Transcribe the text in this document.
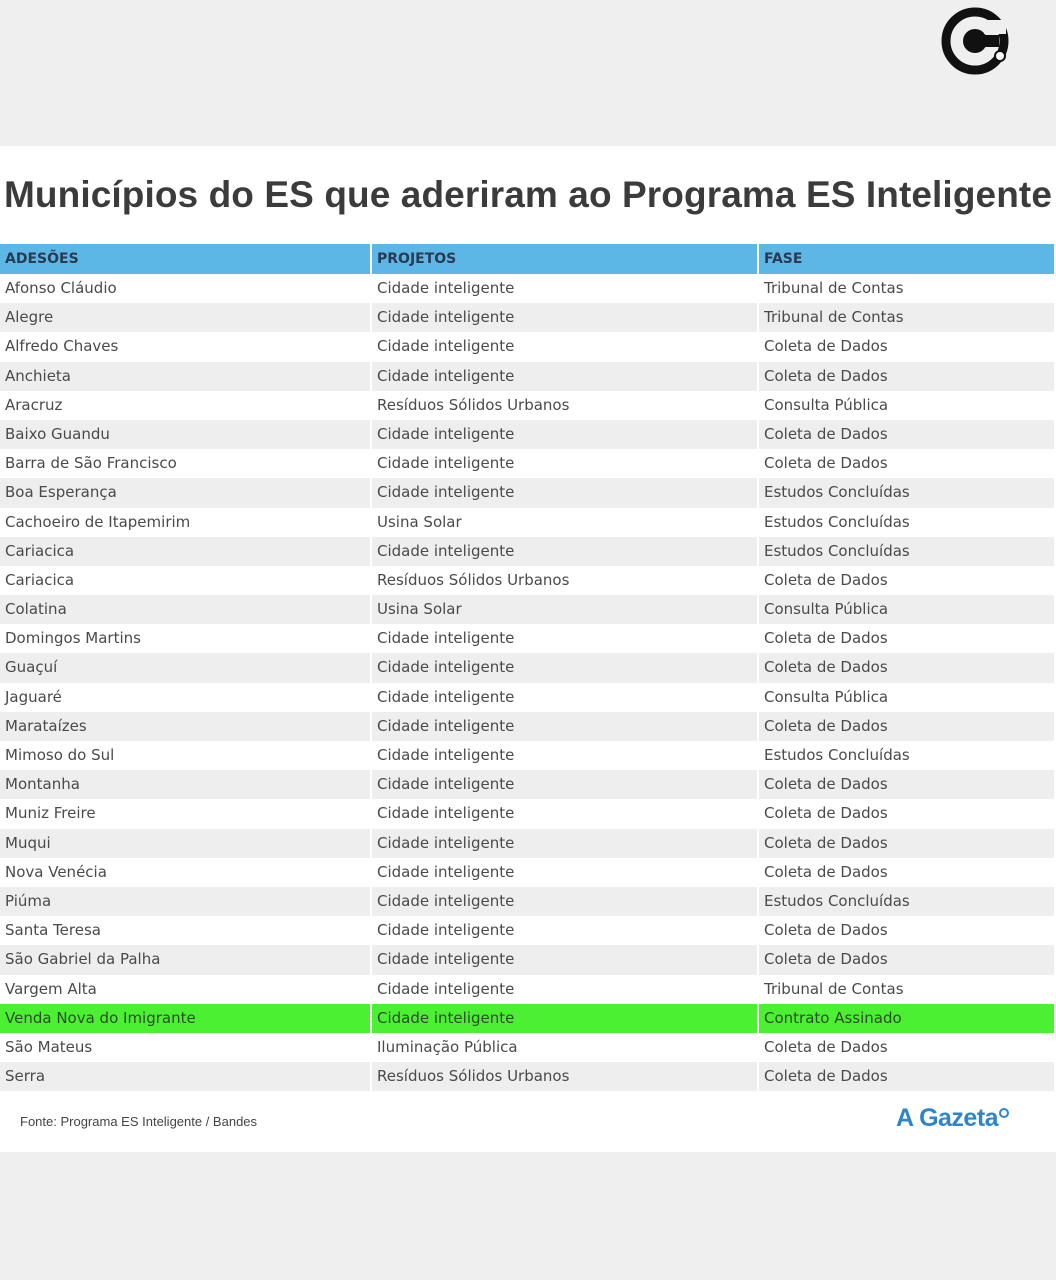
Municípios do ES que aderiram ao Programa ES Inteligente
ADESÕES	PROJETOS	FASE
Afonso Cláudio	Cidade inteligente	Tribunal de Contas
Alegre	Cidade inteligente	Tribunal de Contas
Alfredo Chaves	Cidade inteligente	Coleta de Dados
Anchieta	Cidade inteligente	Coleta de Dados
Aracruz	Resíduos Sólidos Urbanos	Consulta Pública
Baixo Guandu	Cidade inteligente	Coleta de Dados
Barra de São Francisco	Cidade inteligente	Coleta de Dados
Boa Esperança	Cidade inteligente	Estudos Concluídas
Cachoeiro de Itapemirim	Usina Solar	Estudos Concluídas
Cariacica	Cidade inteligente	Estudos Concluídas
Cariacica	Resíduos Sólidos Urbanos	Coleta de Dados
Colatina	Usina Solar	Consulta Pública
Domingos Martins	Cidade inteligente	Coleta de Dados
Guaçuí	Cidade inteligente	Coleta de Dados
Jaguaré	Cidade inteligente	Consulta Pública
Marataízes	Cidade inteligente	Coleta de Dados
Mimoso do Sul	Cidade inteligente	Estudos Concluídas
Montanha	Cidade inteligente	Coleta de Dados
Muniz Freire	Cidade inteligente	Coleta de Dados
Muqui	Cidade inteligente	Coleta de Dados
Nova Venécia	Cidade inteligente	Coleta de Dados
Piúma	Cidade inteligente	Estudos Concluídas
Santa Teresa	Cidade inteligente	Coleta de Dados
São Gabriel da Palha	Cidade inteligente	Coleta de Dados
Vargem Alta	Cidade inteligente	Tribunal de Contas
Venda Nova do Imigrante	Cidade inteligente	Contrato Assinado
São Mateus	Iluminação Pública	Coleta de Dados
Serra	Resíduos Sólidos Urbanos	Coleta de Dados
Fonte: Programa ES Inteligente / Bandes	A Gazeta
